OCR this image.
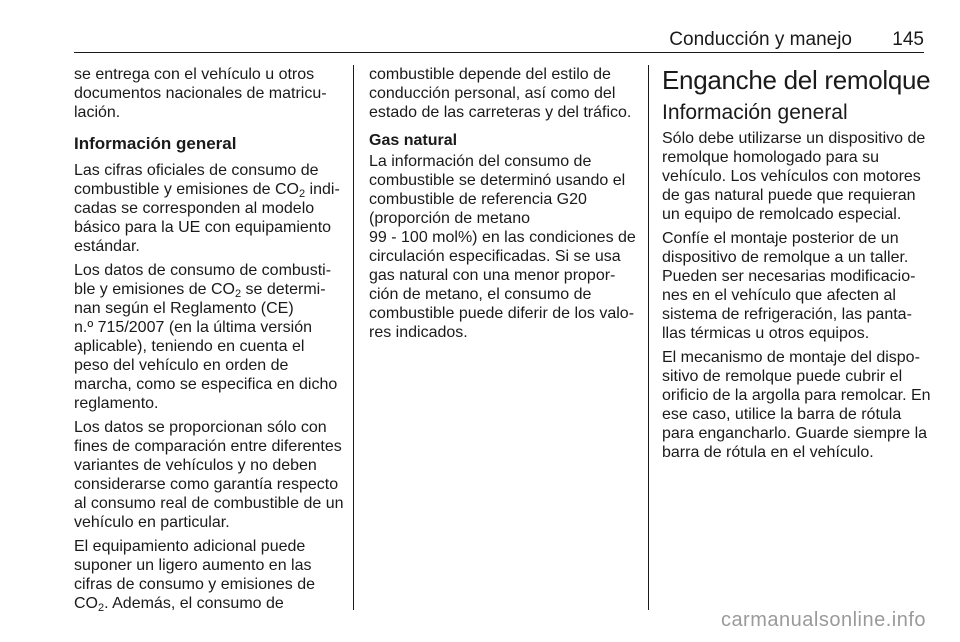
Conducción y manejo 145

se entrega con el vehículo u otros
documentos nacionales de matricu-
lación.

Información general

Las cifras oficiales de consumo de
combustible y emisiones de $CO_2$ indi-
cadas se corresponden al modelo
básico para la UE con equipamiento
estándar.

Los datos de consumo de combusti-
ble y emisiones de $CO_2$ se determi-
nan según el Reglamento (CE)
n.º 715/2007 (en la última versión
aplicable), teniendo en cuenta el
peso del vehículo en orden de
marcha, como se especifica en dicho
reglamento.

Los datos se proporcionan sólo con
fines de comparación entre diferentes
variantes de vehículos y no deben
considerarse como garantía respecto
al consumo real de combustible de un
vehículo en particular.

El equipamiento adicional puede
suponer un ligero aumento en las
cifras de consumo y emisiones de
$CO_2$. Además, el consumo de

combustible depende del estilo de
conducción personal, así como del
estado de las carreteras y del tráfico.

Gas natural

La información del consumo de
combustible se determinó usando el
combustible de referencia G20
(proporción de metano
99 - 100 mol%) en las condiciones de
circulación especificadas. Si se usa
gas natural con una menor propor-
ción de metano, el consumo de
combustible puede diferir de los valo-
res indicados.

Enganche del remolque
Información general

Sólo debe utilizarse un dispositivo de
remolque homologado para su
vehículo. Los vehículos con motores
de gas natural puede que requieran
un equipo de remolcado especial.

Confíe el montaje posterior de un
dispositivo de remolque a un taller.
Pueden ser necesarias modificacio-
nes en el vehículo que afecten al
sistema de refrigeración, las panta-
llas térmicas u otros equipos.

El mecanismo de montaje del dispo-
sitivo de remolque puede cubrir el
orificio de la argolla para remolcar. En
ese caso, utilice la barra de rótula
para engancharlo. Guarde siempre la
barra de rótula en el vehículo.

carmanualsonline.info
